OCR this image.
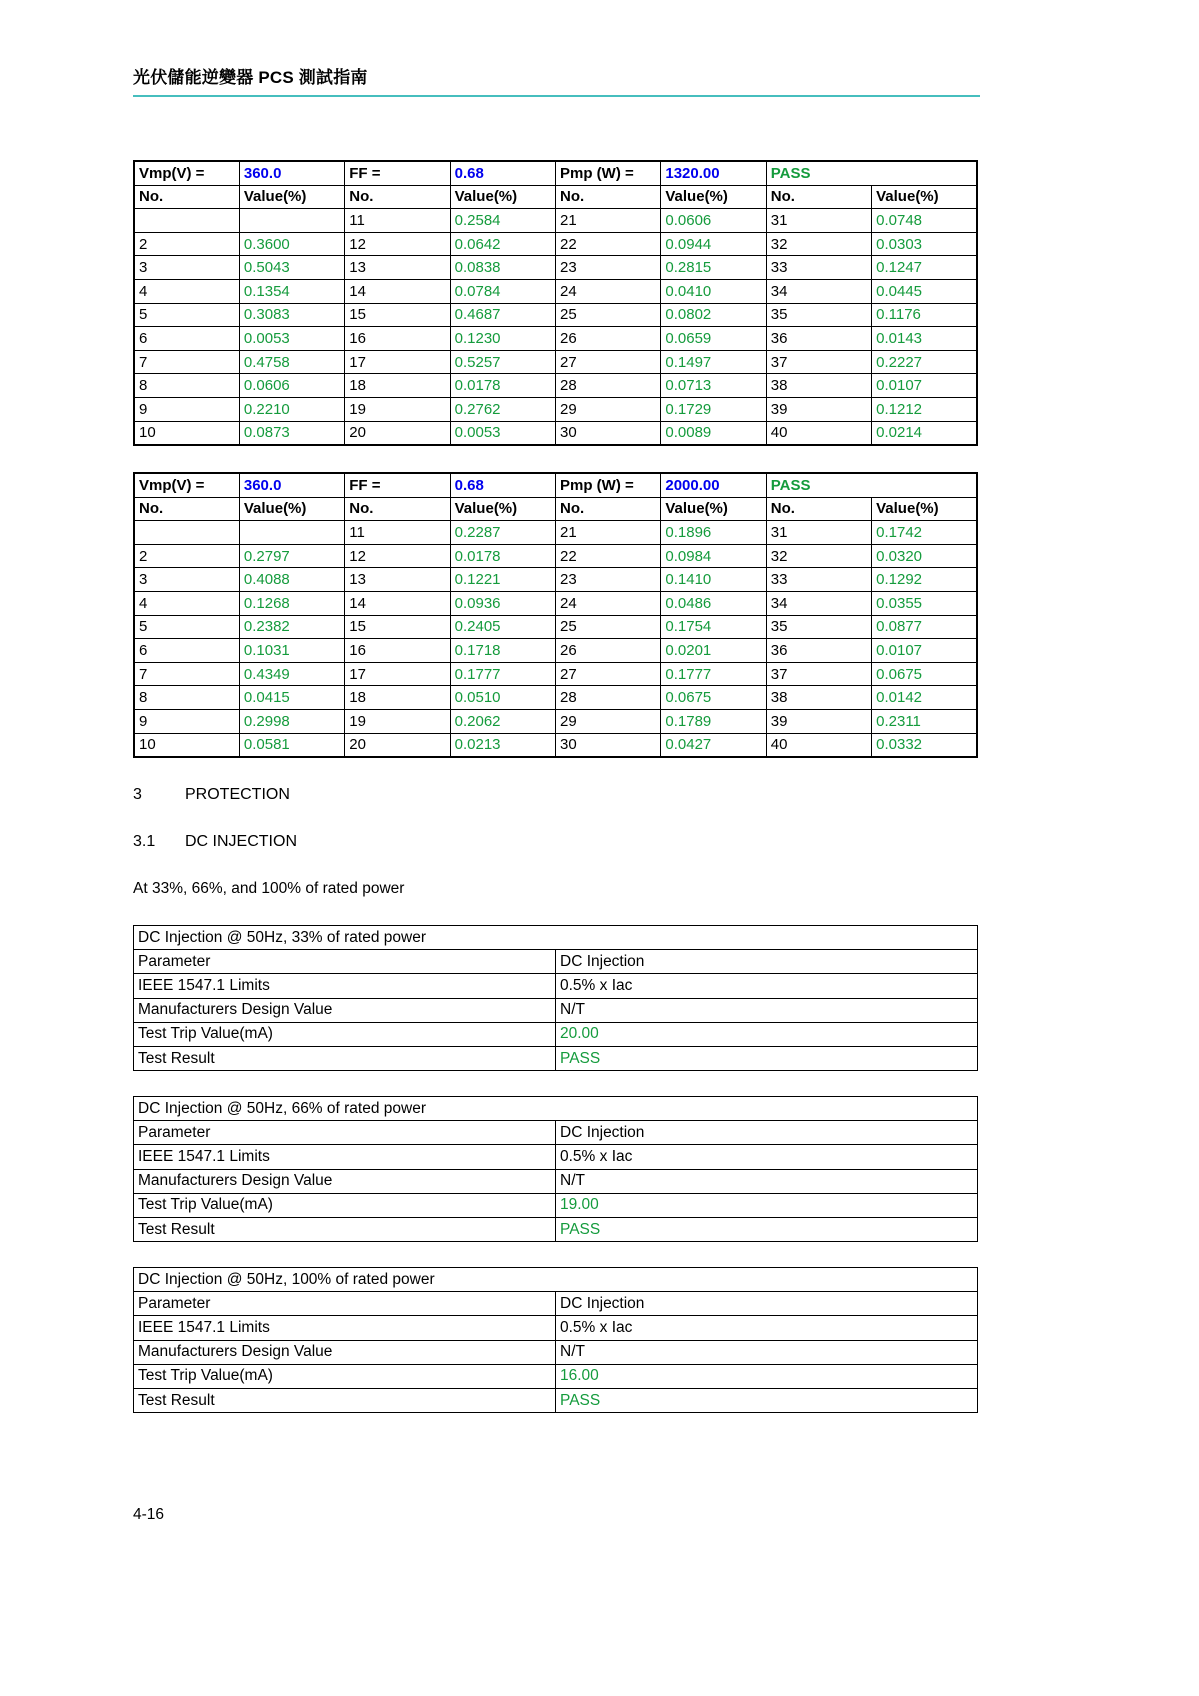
光伏儲能逆變器 PCS 測試指南
Vmp(V) =	360.0	FF =	0.68	Pmp (W) =	1320.00	PASS	
No.	Value(%)	No.	Value(%)	No.	Value(%)	No.	Value(%)
		11	0.2584	21	0.0606	31	0.0748
2	0.3600	12	0.0642	22	0.0944	32	0.0303
3	0.5043	13	0.0838	23	0.2815	33	0.1247
4	0.1354	14	0.0784	24	0.0410	34	0.0445
5	0.3083	15	0.4687	25	0.0802	35	0.1176
6	0.0053	16	0.1230	26	0.0659	36	0.0143
7	0.4758	17	0.5257	27	0.1497	37	0.2227
8	0.0606	18	0.0178	28	0.0713	38	0.0107
9	0.2210	19	0.2762	29	0.1729	39	0.1212
10	0.0873	20	0.0053	30	0.0089	40	0.0214
Vmp(V) =	360.0	FF =	0.68	Pmp (W) =	2000.00	PASS	
No.	Value(%)	No.	Value(%)	No.	Value(%)	No.	Value(%)
		11	0.2287	21	0.1896	31	0.1742
2	0.2797	12	0.0178	22	0.0984	32	0.0320
3	0.4088	13	0.1221	23	0.1410	33	0.1292
4	0.1268	14	0.0936	24	0.0486	34	0.0355
5	0.2382	15	0.2405	25	0.1754	35	0.0877
6	0.1031	16	0.1718	26	0.0201	36	0.0107
7	0.4349	17	0.1777	27	0.1777	37	0.0675
8	0.0415	18	0.0510	28	0.0675	38	0.0142
9	0.2998	19	0.2062	29	0.1789	39	0.2311
10	0.0581	20	0.0213	30	0.0427	40	0.0332
3	PROTECTION
3.1 DC INJECTION
At 33%, 66%, and 100% of rated power
DC Injection @ 50Hz, 33% of rated power	
Parameter	DC Injection
IEEE 1547.1 Limits	0.5% x Iac
Manufacturers Design Value	N/T
Test Trip Value(mA)	20.00
Test Result	PASS
DC Injection @ 50Hz, 66% of rated power	
Parameter	DC Injection
IEEE 1547.1 Limits	0.5% x Iac
Manufacturers Design Value	N/T
Test Trip Value(mA)	19.00
Test Result	PASS
DC Injection @ 50Hz, 100% of rated power	
Parameter	DC Injection
IEEE 1547.1 Limits	0.5% x Iac
Manufacturers Design Value	N/T
Test Trip Value(mA)	16.00
Test Result	PASS
4-16
